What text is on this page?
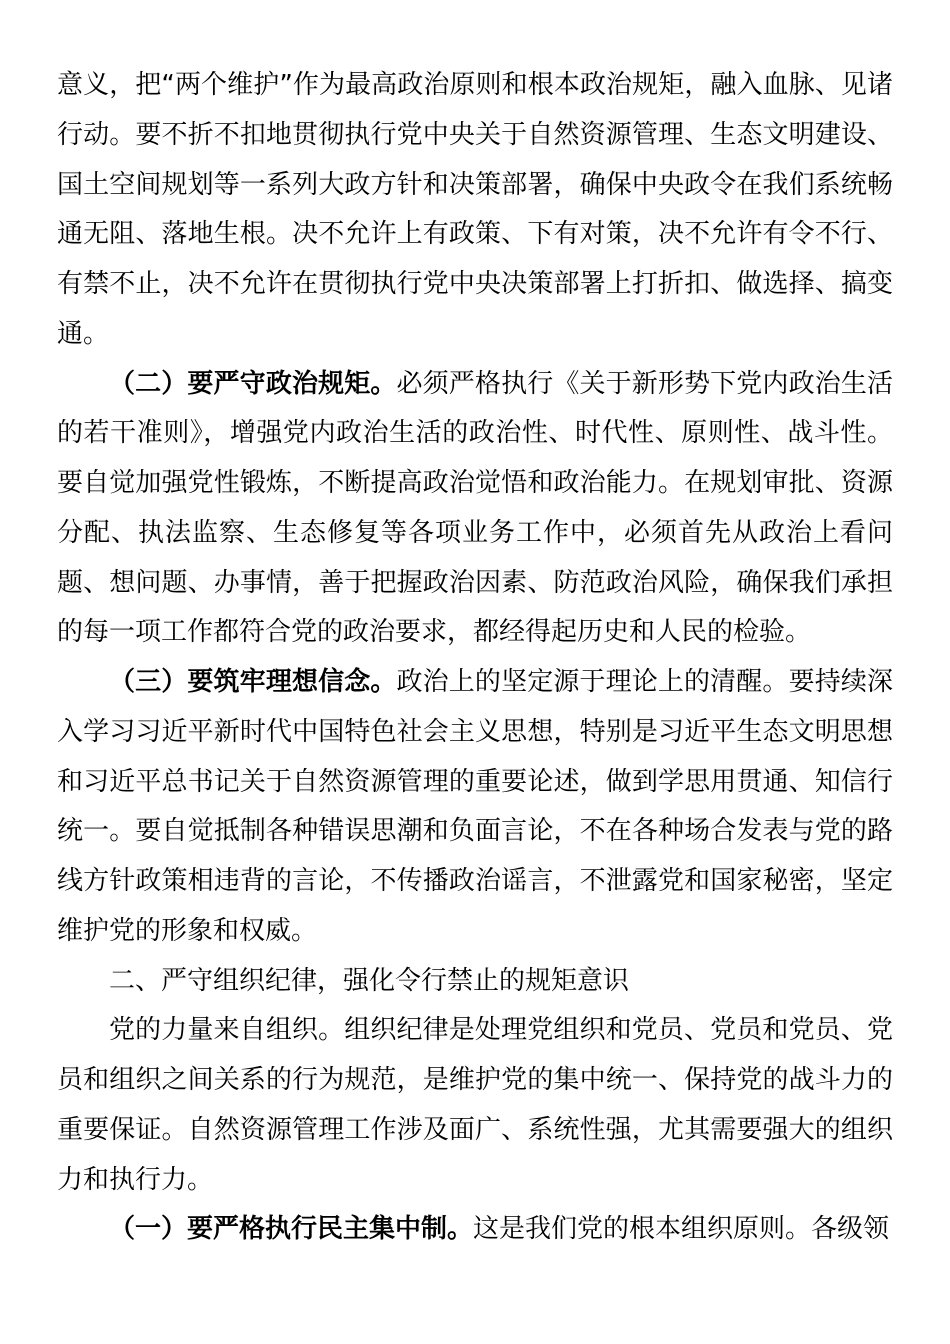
意义，把“两个维护”作为最高政治原则和根本政治规矩，融入血脉、见诸行动。要不折不扣地贯彻执行党中央关于自然资源管理、生态文明建设、国土空间规划等一系列大政方针和决策部署，确保中央政令在我们系统畅通无阻、落地生根。决不允许上有政策、下有对策，决不允许有令不行、有禁不止，决不允许在贯彻执行党中央决策部署上打折扣、做选择、搞变通。

（二）要严守政治规矩。必须严格执行《关于新形势下党内政治生活的若干准则》，增强党内政治生活的政治性、时代性、原则性、战斗性。要自觉加强党性锻炼，不断提高政治觉悟和政治能力。在规划审批、资源分配、执法监察、生态修复等各项业务工作中，必须首先从政治上看问题、想问题、办事情，善于把握政治因素、防范政治风险，确保我们承担的每一项工作都符合党的政治要求，都经得起历史和人民的检验。

（三）要筑牢理想信念。政治上的坚定源于理论上的清醒。要持续深入学习习近平新时代中国特色社会主义思想，特别是习近平生态文明思想和习近平总书记关于自然资源管理的重要论述，做到学思用贯通、知信行统一。要自觉抵制各种错误思潮和负面言论，不在各种场合发表与党的路线方针政策相违背的言论，不传播政治谣言，不泄露党和国家秘密，坚定维护党的形象和权威。

二、严守组织纪律，强化令行禁止的规矩意识

党的力量来自组织。组织纪律是处理党组织和党员、党员和党员、党员和组织之间关系的行为规范，是维护党的集中统一、保持党的战斗力的重要保证。自然资源管理工作涉及面广、系统性强，尤其需要强大的组织力和执行力。

（一）要严格执行民主集中制。这是我们党的根本组织原则。各级领
